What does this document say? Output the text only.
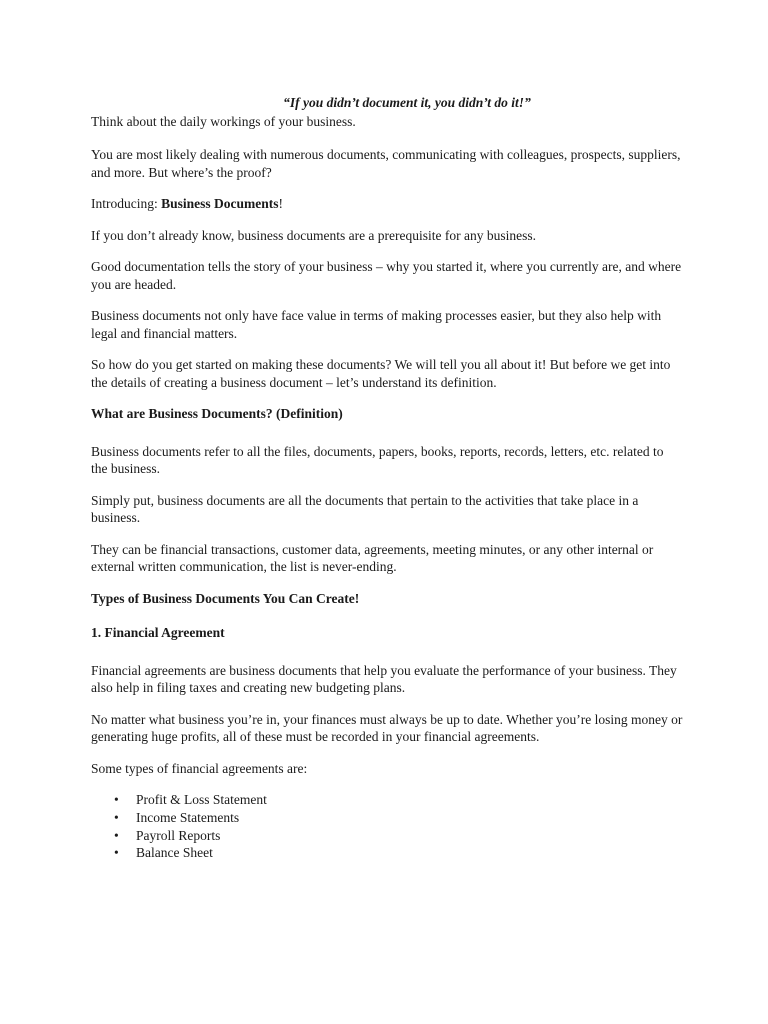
“If you didn’t document it, you didn’t do it!”

Think about the daily workings of your business.

You are most likely dealing with numerous documents, communicating with colleagues, prospects, suppliers, and more. But where’s the proof?

Introducing: Business Documents!

If you don’t already know, business documents are a prerequisite for any business.

Good documentation tells the story of your business – why you started it, where you currently are, and where you are headed.

Business documents not only have face value in terms of making processes easier, but they also help with legal and financial matters.

So how do you get started on making these documents? We will tell you all about it! But before we get into the details of creating a business document – let’s understand its definition.

What are Business Documents? (Definition)

Business documents refer to all the files, documents, papers, books, reports, records, letters, etc. related to the business.

Simply put, business documents are all the documents that pertain to the activities that take place in a business.

They can be financial transactions, customer data, agreements, meeting minutes, or any other internal or external written communication, the list is never-ending.

Types of Business Documents You Can Create!
1. Financial Agreement

Financial agreements are business documents that help you evaluate the performance of your business. They also help in filing taxes and creating new budgeting plans.

No matter what business you’re in, your finances must always be up to date. Whether you’re losing money or generating huge profits, all of these must be recorded in your financial agreements.

Some types of financial agreements are:

• Profit & Loss Statement
• Income Statements
• Payroll Reports
• Balance Sheet
